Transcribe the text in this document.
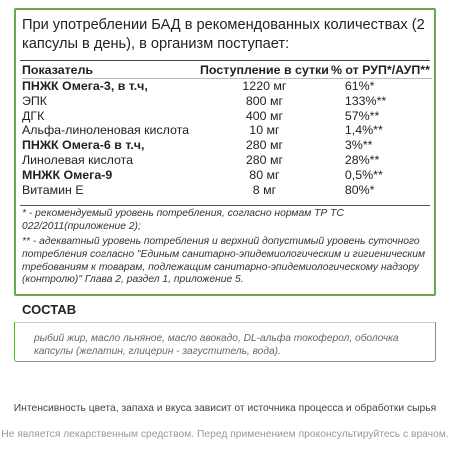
При употреблении БАД в рекомендованных количествах (2 капсулы в день), в организм поступает:
Показатель	Поступление в сутки	% от РУП*/АУП**
ПНЖК Омега-3, в т.ч,	1220 мг	61%*
ЭПК	800 мг	133%**
ДГК	400 мг	57%**
Альфа-линоленовая кислота	10 мг	1,4%**
ПНЖК Омега-6 в т.ч,	280 мг	3%**
Линолевая кислота	280 мг	28%**
МНЖК Омега-9	80 мг	0,5%**
Витамин Е	8 мг	80%*
* - рекомендуемый уровень потребления, согласно нормам ТР ТС 022/2011(приложение 2);
** - адекватный уровень потребления и верхний допустимый уровень суточного потребления согласно "Единым санитарно-эпидемиологическим и гигиеническим требованиям к товарам, подлежащим санитарно-эпидемиологическому надзору (контролю)" Глава 2, раздел 1, приложение 5.
СОСТАВ
рыбий жир, масло льняное, масло авокадо, DL-альфа токоферол, оболочка капсулы (желатин, глицерин - загуститель, вода).
Интенсивность цвета, запаха и вкуса зависит от источника процесса и обработки сырья
Не является лекарственным средством. Перед применением проконсультируйтесь с врачом.
